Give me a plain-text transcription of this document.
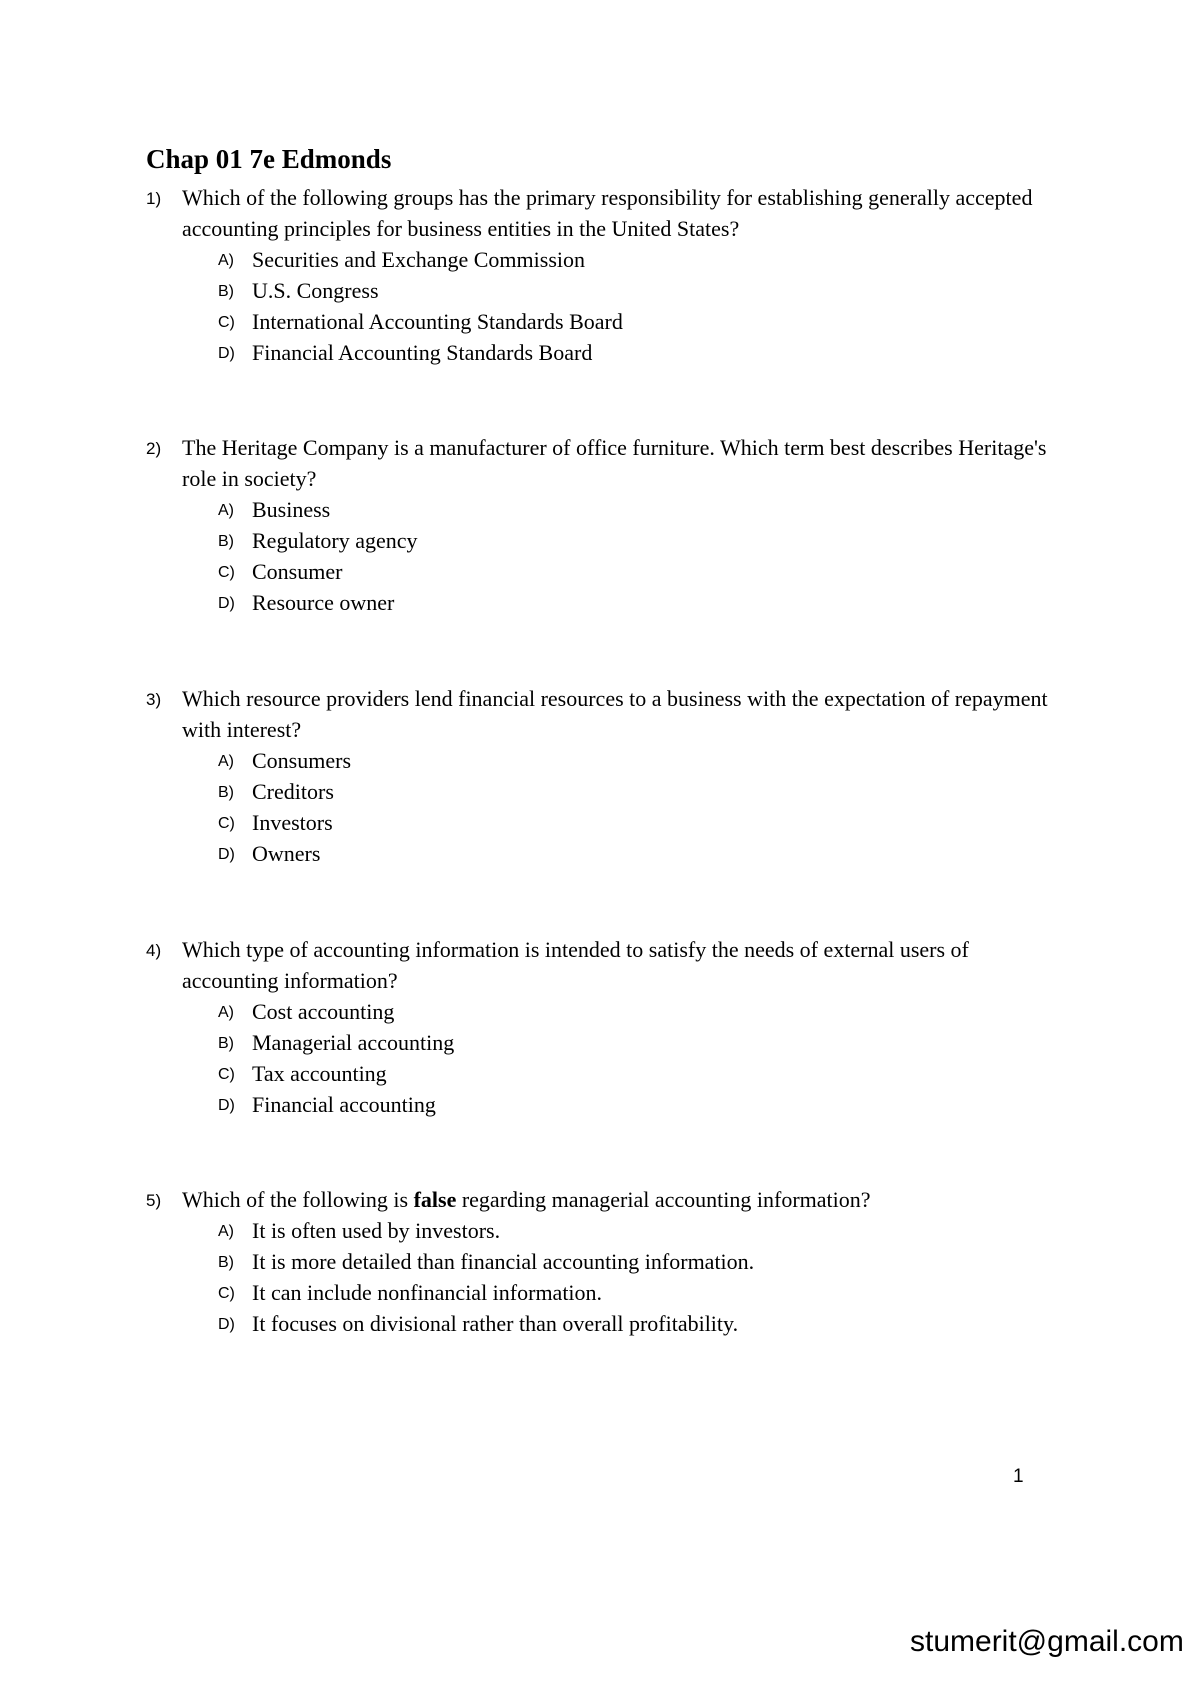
Chap 01 7e Edmonds
1) Which of the following groups has the primary responsibility for establishing generally accepted accounting principles for business entities in the United States?
A) Securities and Exchange Commission
B) U.S. Congress
C) International Accounting Standards Board
D) Financial Accounting Standards Board
2) The Heritage Company is a manufacturer of office furniture. Which term best describes Heritage's role in society?
A) Business
B) Regulatory agency
C) Consumer
D) Resource owner
3) Which resource providers lend financial resources to a business with the expectation of repayment with interest?
A) Consumers
B) Creditors
C) Investors
D) Owners
4) Which type of accounting information is intended to satisfy the needs of external users of accounting information?
A) Cost accounting
B) Managerial accounting
C) Tax accounting
D) Financial accounting
5) Which of the following is false regarding managerial accounting information?
A) It is often used by investors.
B) It is more detailed than financial accounting information.
C) It can include nonfinancial information.
D) It focuses on divisional rather than overall profitability.
1
stumerit@gmail.com
